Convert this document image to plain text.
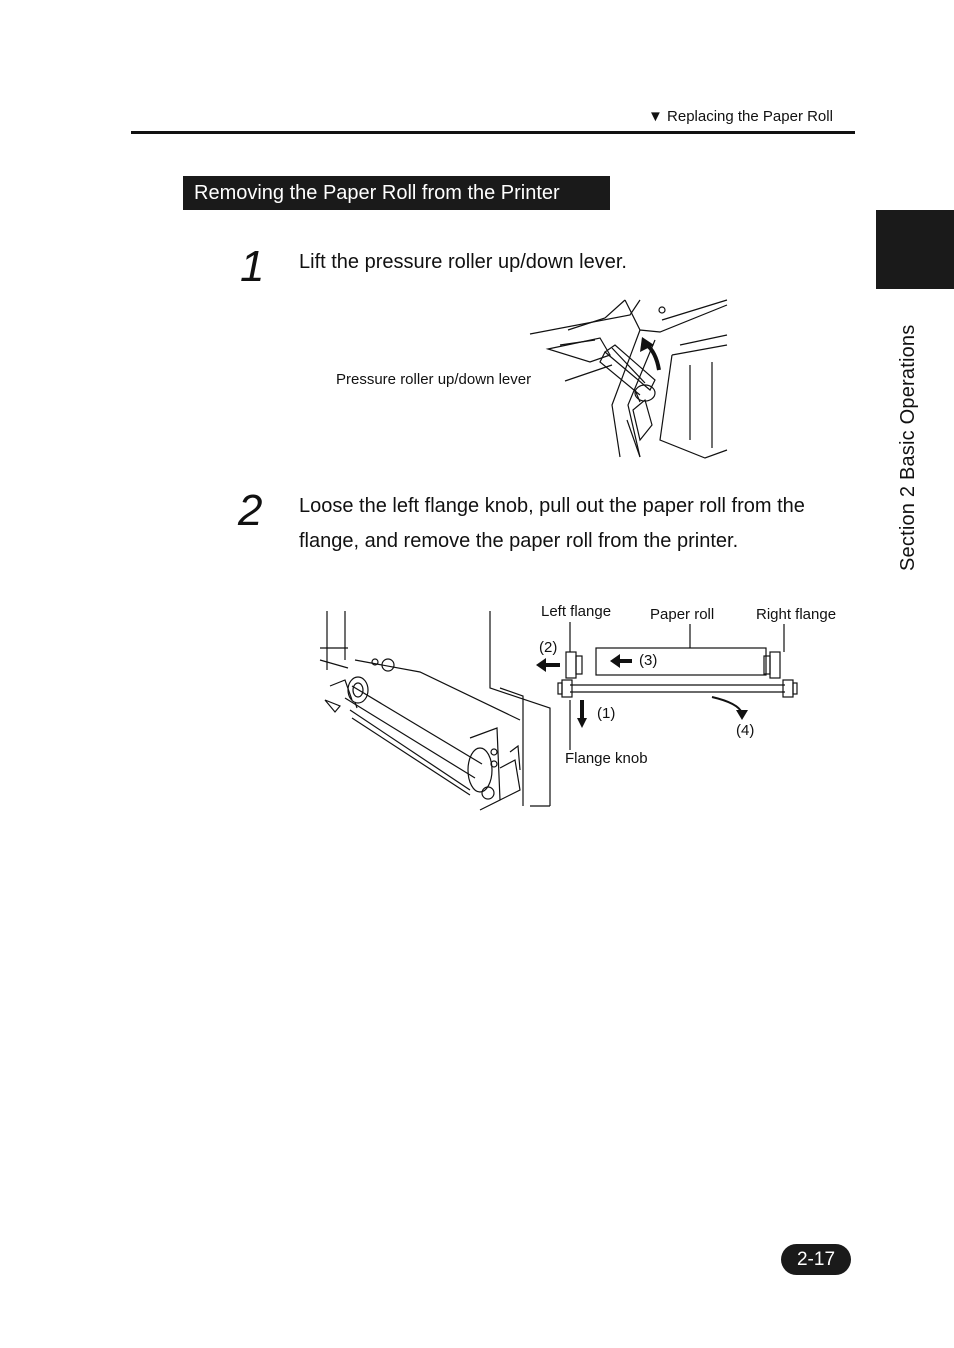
▼ Replacing the Paper Roll
Removing the Paper Roll from the Printer
Section 2 Basic Operations
1 Lift the pressure roller up/down lever.
Pressure roller up/down lever
2 Loose the left flange knob, pull out the paper roll from the flange, and remove the paper roll from the printer.
Left flange	Paper roll	Right flange
(2)
(3)
(1)
(4)
Flange knob
2-17
